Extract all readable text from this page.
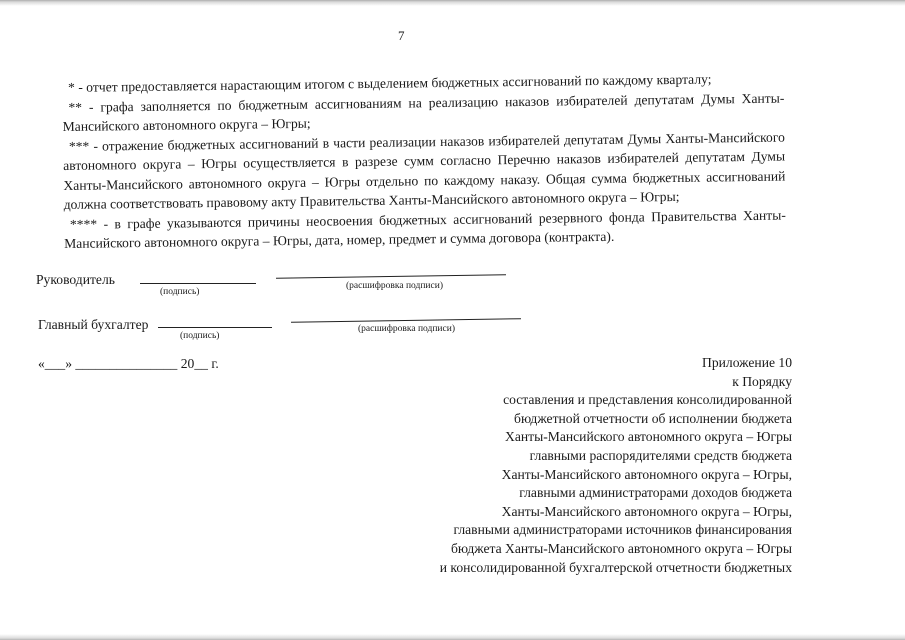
7

* - отчет предоставляется нарастающим итогом с выделением бюджетных ассигнований по каждому кварталу;

** - графа заполняется по бюджетным ассигнованиям на реализацию наказов избирателей депутатам Думы Ханты-Мансийского автономного округа – Югры;

*** - отражение бюджетных ассигнований в части реализации наказов избирателей депутатам Думы Ханты-Мансийского автономного округа – Югры осуществляется в разрезе сумм согласно Перечню наказов избирателей депутатам Думы Ханты-Мансийского автономного округа – Югры отдельно по каждому наказу. Общая сумма бюджетных ассигнований должна соответствовать правовому акту Правительства Ханты-Мансийского автономного округа – Югры;

**** - в графе указываются причины неосвоения бюджетных ассигнований резервного фонда Правительства Ханты-Мансийского автономного округа – Югры, дата, номер, предмет и сумма договора (контракта).

Руководитель
(подпись)
(расшифровка подписи)
Главный бухгалтер
(подпись)
(расшифровка подписи)
«___» _______________ 20__ г.	Приложение 10
к Порядку
составления и представления консолидированной
бюджетной отчетности об исполнении бюджета
Ханты-Мансийского автономного округа – Югры
главными распорядителями средств бюджета
Ханты-Мансийского автономного округа – Югры,
главными администраторами доходов бюджета
Ханты-Мансийского автономного округа – Югры,
главными администраторами источников финансирования
бюджета Ханты-Мансийского автономного округа – Югры
и консолидированной бухгалтерской отчетности бюджетных
